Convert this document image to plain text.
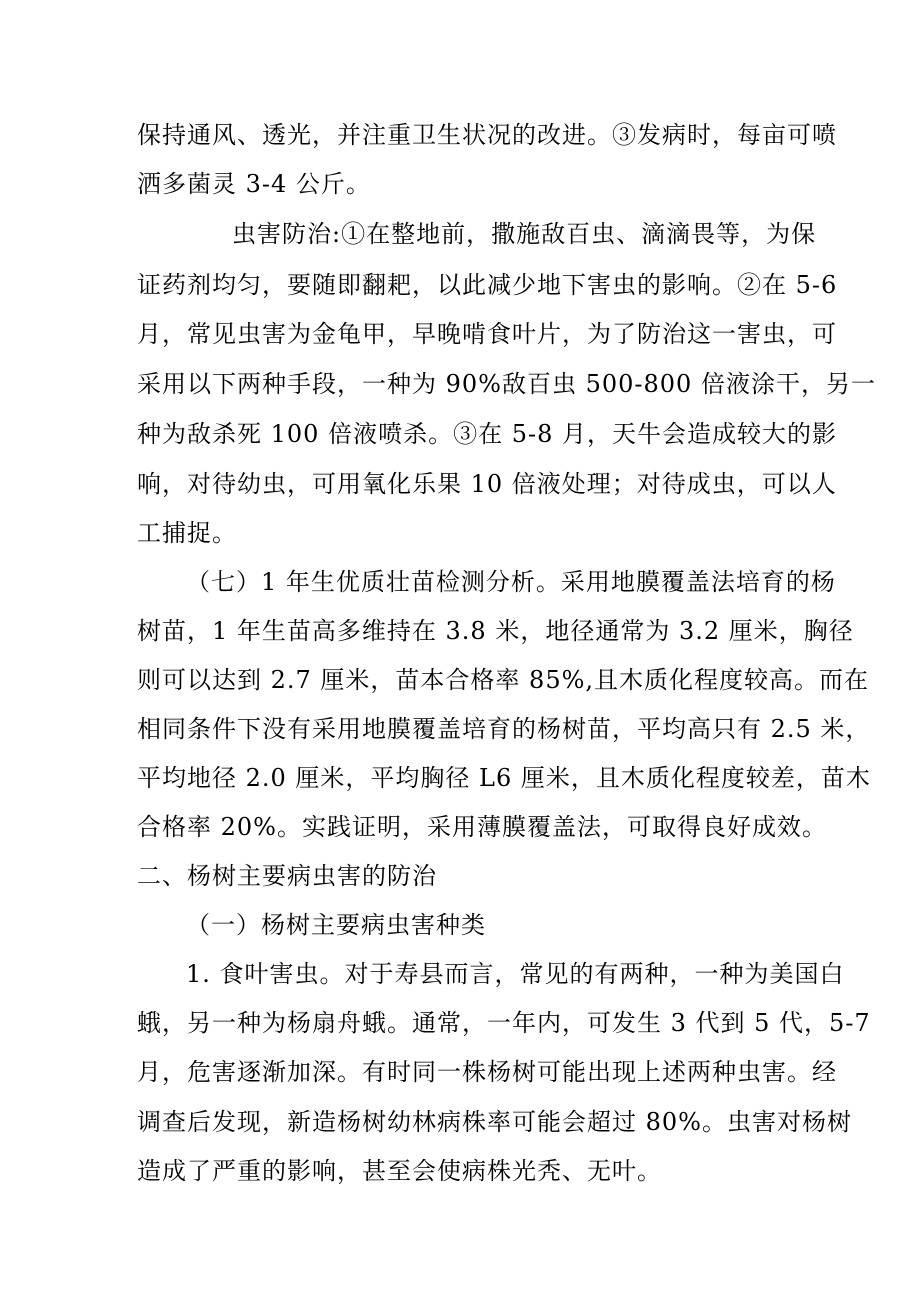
保持通风、透光，并注重卫生状况的改进。③发病时，每亩可喷
洒多菌灵 3-4 公斤。
虫害防治:①在整地前，撒施敌百虫、滴滴畏等，为保
证药剂均匀，要随即翻耙，以此减少地下害虫的影响。②在 5-6
月，常见虫害为金龟甲，早晚啃食叶片，为了防治这一害虫，可
采用以下两种手段，一种为 90%敌百虫 500-800 倍液涂干，另一
种为敌杀死 100 倍液喷杀。③在 5-8 月，天牛会造成较大的影
响，对待幼虫，可用氧化乐果 10 倍液处理；对待成虫，可以人
工捕捉。
（七）1 年生优质壮苗检测分析。采用地膜覆盖法培育的杨
树苗，1 年生苗高多维持在 3.8 米，地径通常为 3.2 厘米，胸径
则可以达到 2.7 厘米，苗本合格率 85%,且木质化程度较高。而在
相同条件下没有采用地膜覆盖培育的杨树苗，平均高只有 2.5 米，
平均地径 2.0 厘米，平均胸径 L6 厘米，且木质化程度较差，苗木
合格率 20%。实践证明，采用薄膜覆盖法，可取得良好成效。
二、杨树主要病虫害的防治
（一）杨树主要病虫害种类
1. 食叶害虫。对于寿县而言，常见的有两种，一种为美国白
蛾，另一种为杨扇舟蛾。通常，一年内，可发生 3 代到 5 代，5-7
月，危害逐渐加深。有时同一株杨树可能出现上述两种虫害。经
调查后发现，新造杨树幼林病株率可能会超过 80%。虫害对杨树
造成了严重的影响，甚至会使病株光秃、无叶。
